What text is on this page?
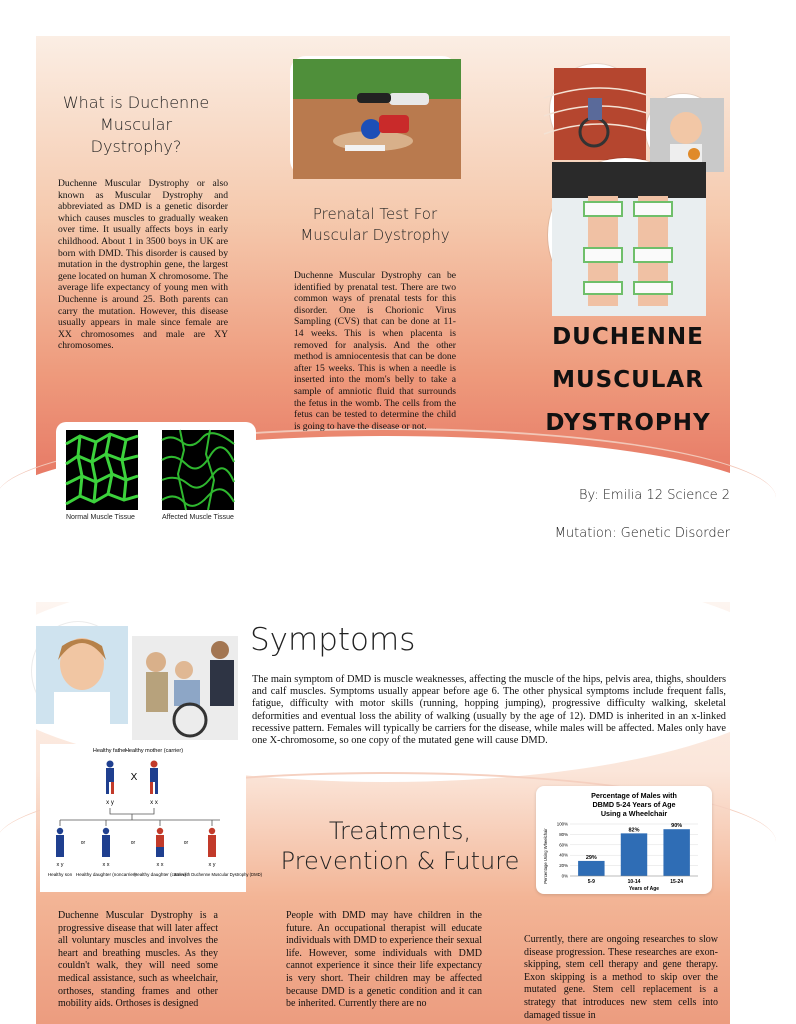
What is Duchenne Muscular Dystrophy?

Duchenne Muscular Dystrophy or also known as Muscular Dystrophy and abbreviated as DMD is a genetic disorder which causes muscles to gradually weaken over time. It usually affects boys in early childhood. About 1 in 3500 boys in UK are born with DMD. This disorder is caused by mutation in the dystrophin gene, the largest gene located on human X chromosome. The average life expectancy of young men with Duchenne is around 25. Both parents can carry the mutation. However, this disease usually appears in male since female are XX chromosomes and male are XY chromosomes.

Normal Muscle Tissue	Affected Muscle Tissue
Prenatal Test For Muscular Dystrophy

Duchenne Muscular Dystrophy can be identified by prenatal test. There are two common ways of prenatal tests for this disorder. One is Chorionic Virus Sampling (CVS) that can be done at 11-14 weeks. This is when placenta is removed for analysis. And the other method is amniocentesis that can be done after 15 weeks. This is when a needle is inserted into the mom's belly to take a sample of amniotic fluid that surrounds the fetus in the womb. The cells from the fetus can be tested to determine the child is going to have the disease or not.

DUCHENNE
MUSCULAR
DYSTROPHY
By: Emilia 12 Science 2
Mutation: Genetic Disorder
Symptoms

The main symptom of DMD is muscle weaknesses, affecting the muscle of the hips, pelvis area, thighs, shoulders and calf muscles. Symptoms usually appear before age 6. The other physical symptoms include frequent falls, fatigue, difficulty with motor skills (running, hopping jumping), progressive difficulty walking, skeletal deformities and eventual loss the ability of walking (usually by the age of 12). DMD is inherited in an x-linked recessive pattern. Females will typically be carriers for the disease, while males will be affected. Males only have one X-chromosome, so one copy of the mutated gene will cause DMD.

Healthy father
Healthy mother (carrier)
X
x y	x x
or	or	or
x y	x x	x x	x y
Healthy son Healthy daughter (noncarrier)
Healthy daughter (carrier)
Son with Duchenne Muscular Dystrophy (DMD)
Treatments,
Prevention & Future
Percentage of Males with
DBMD 5-24 Years of Age
Using a Wheelchair
Percentage Using Wheelchair
Years of Age
0%
20%
40%
60%
80%
100%
29%
5-9
82%
10-14
90%
15-24

Duchenne Muscular Dystrophy is a progressive disease that will later affect all voluntary muscles and involves the heart and breathing muscles. As they couldn't walk, they will need some medical assistance, such as wheelchair, orthoses, standing frames and other mobility aids. Orthoses is designed

People with DMD may have children in the future. An occupational therapist will educate individuals with DMD to experience their sexual life. However, some individuals with DMD cannot experience it since their life expectancy is very short. Their children may be affected because DMD is a genetic condition and it can be inherited. Currently there are no

Currently, there are ongoing researches to slow disease progression. These researches are exon-skipping, stem cell therapy and gene therapy. Exon skipping is a method to skip over the mutated gene. Stem cell replacement is a strategy that introduces new stem cells into damaged tissue in
